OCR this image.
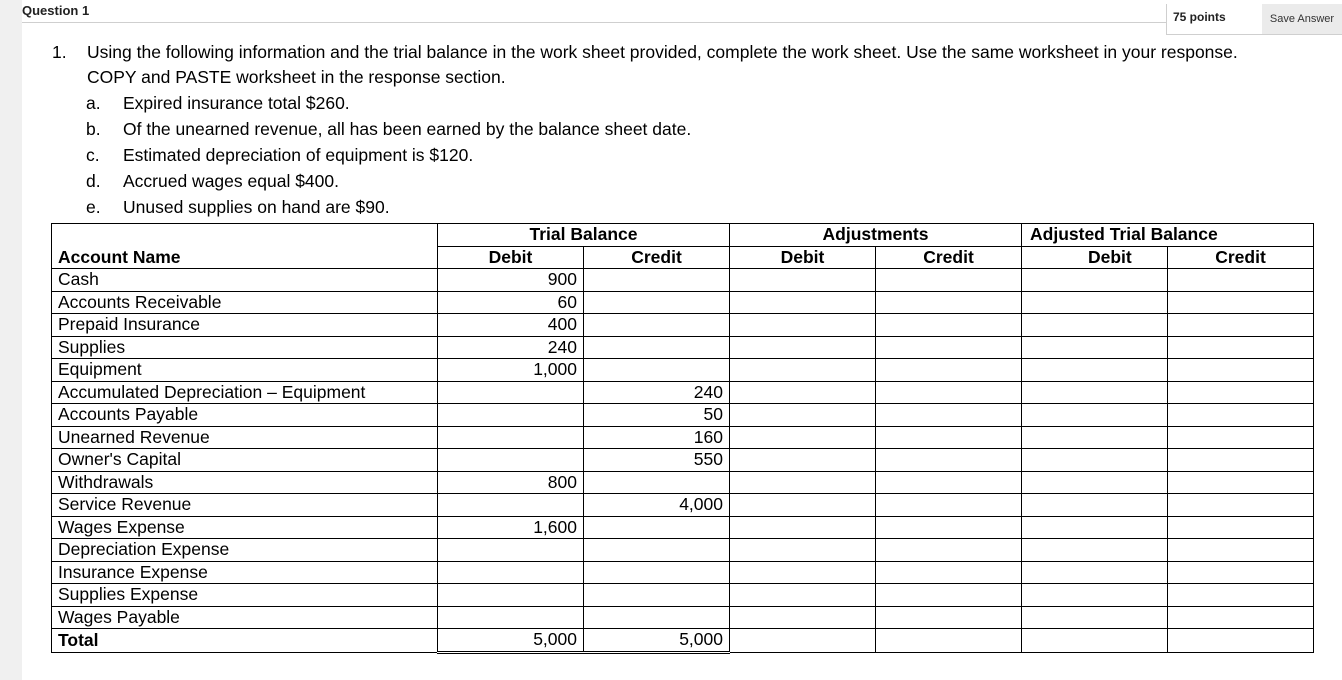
Question 1	75 points	Save Answer
1. Using the following information and the trial balance in the work sheet provided, complete the work sheet. Use the same worksheet in your response. COPY and PASTE worksheet in the response section.
a. Expired insurance total $260.
b. Of the unearned revenue, all has been earned by the balance sheet date.
c. Estimated depreciation of equipment is $120.
d. Accrued wages equal $400.
e. Unused supplies on hand are $90.
Account Name	Trial Balance		Adjustments		Adjusted Trial Balance	
	Debit	Credit	Debit	Credit	Debit	Credit
Cash	900					
Accounts Receivable	60					
Prepaid Insurance	400					
Supplies	240					
Equipment	1,000					
Accumulated Depreciation – Equipment		240				
Accounts Payable		50				
Unearned Revenue		160				
Owner's Capital		550				
Withdrawals	800					
Service Revenue		4,000				
Wages Expense	1,600					
Depreciation Expense						
Insurance Expense						
Supplies Expense						
Wages Payable						
Total	5,000	5,000				
